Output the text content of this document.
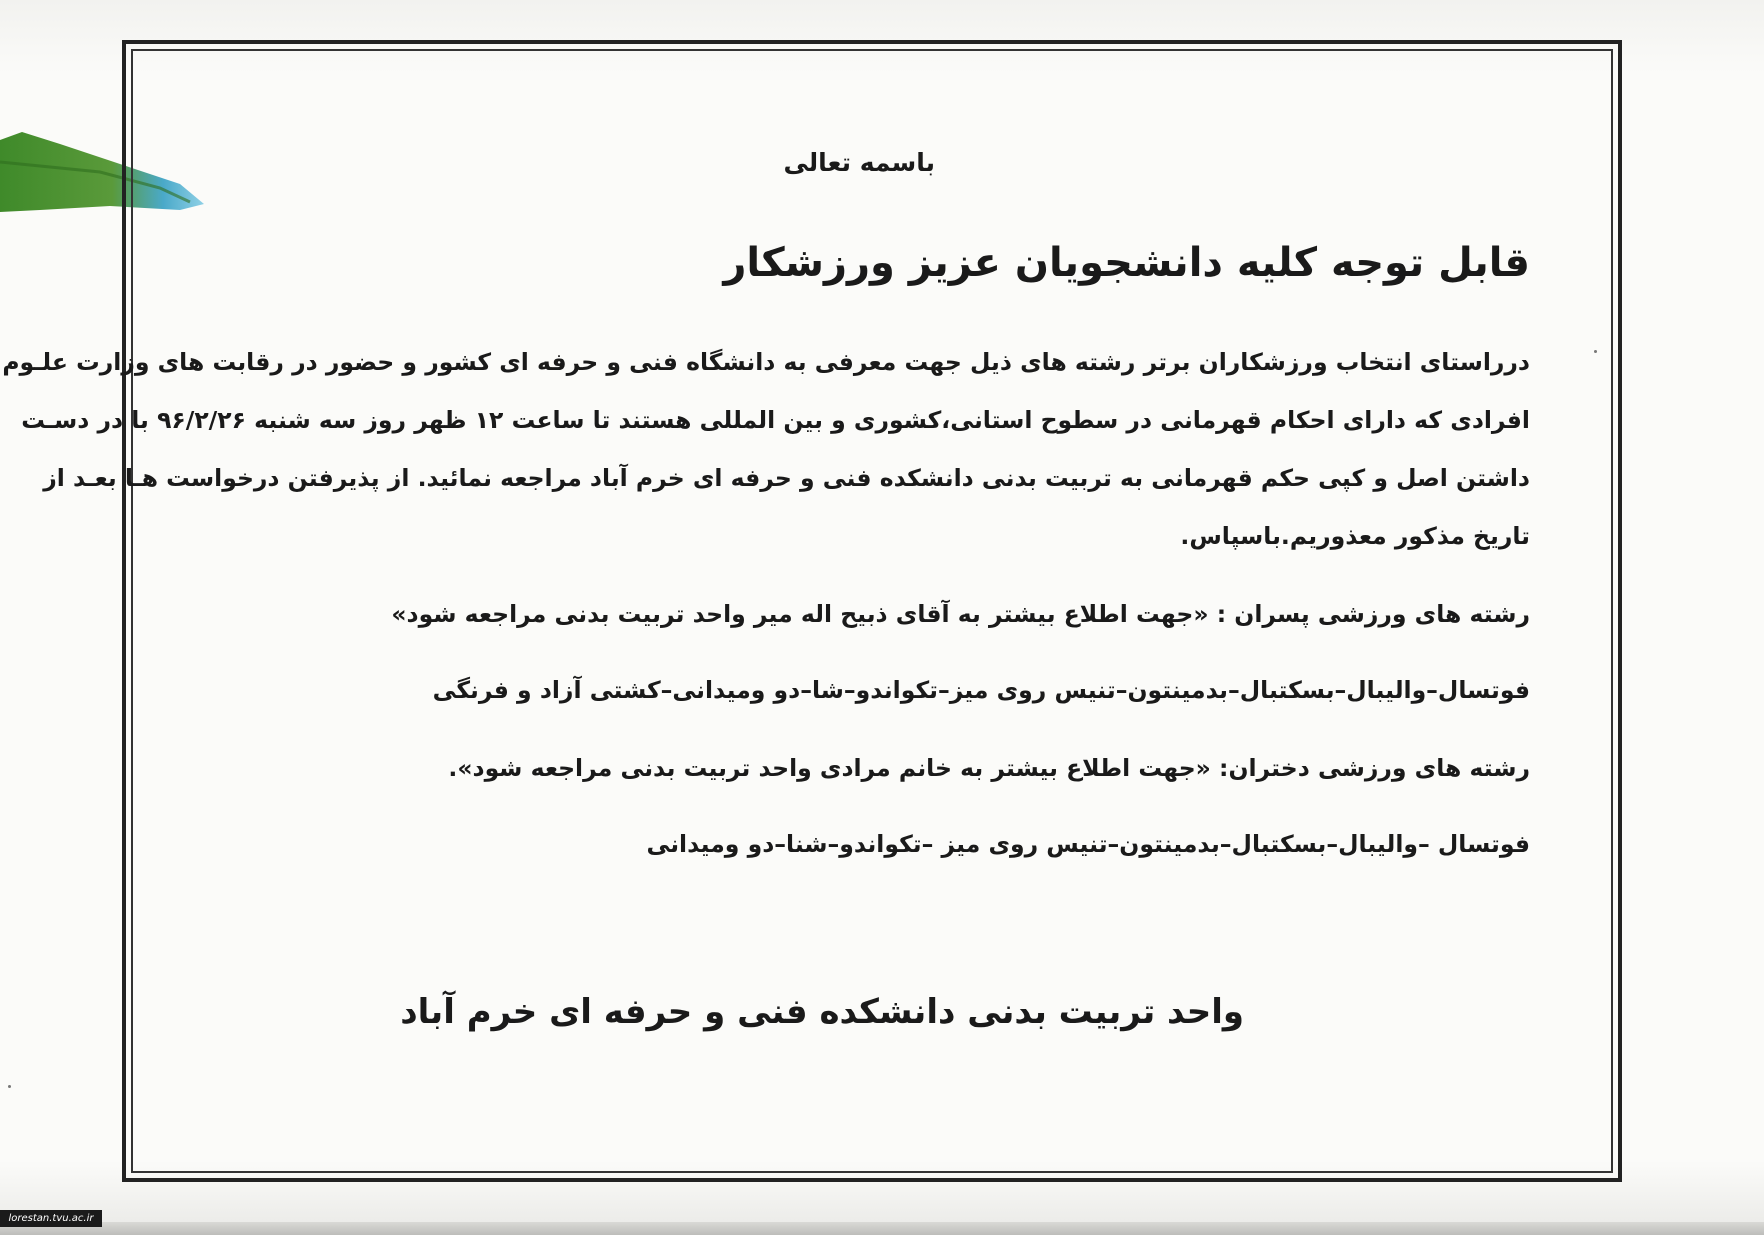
باسمه تعالی
قابل توجه کلیه دانشجویان عزیز ورزشکار
درراستای انتخاب ورزشکاران برتر رشته های ذیل جهت معرفی به دانشگاه فنی و حرفه ای کشور و حضور در رقابت های وزارت علـوم
افرادی که دارای احکام قهرمانی در سطوح استانی،کشوری و بین المللی هستند تا ساعت ۱۲ ظهر روز سه شنبه ۹۶/۲/۲۶ با در دسـت
داشتن اصل و کپی حکم قهرمانی به تربیت بدنی دانشکده فنی و حرفه ای خرم آباد مراجعه نمائید. از پذیرفتن درخواست هـا بعـد از
تاریخ مذکور معذوریم.باسپاس.
رشته های ورزشی پسران : «جهت اطلاع بیشتر به آقای ذبیح اله میر واحد تربیت بدنی مراجعه شود»
فوتسال–والیبال–بسکتبال–بدمینتون–تنیس روی میز–تکواندو–شا–دو ومیدانی–کشتی آزاد و فرنگی
رشته های ورزشی دختران: «جهت اطلاع بیشتر به خانم مرادی واحد تربیت بدنی مراجعه شود».
فوتسال –والیبال–بسکتبال–بدمینتون–تنیس روی میز –تکواندو–شنا–دو ومیدانی
واحد تربیت بدنی دانشکده فنی و حرفه ای خرم آباد
lorestan.tvu.ac.ir
